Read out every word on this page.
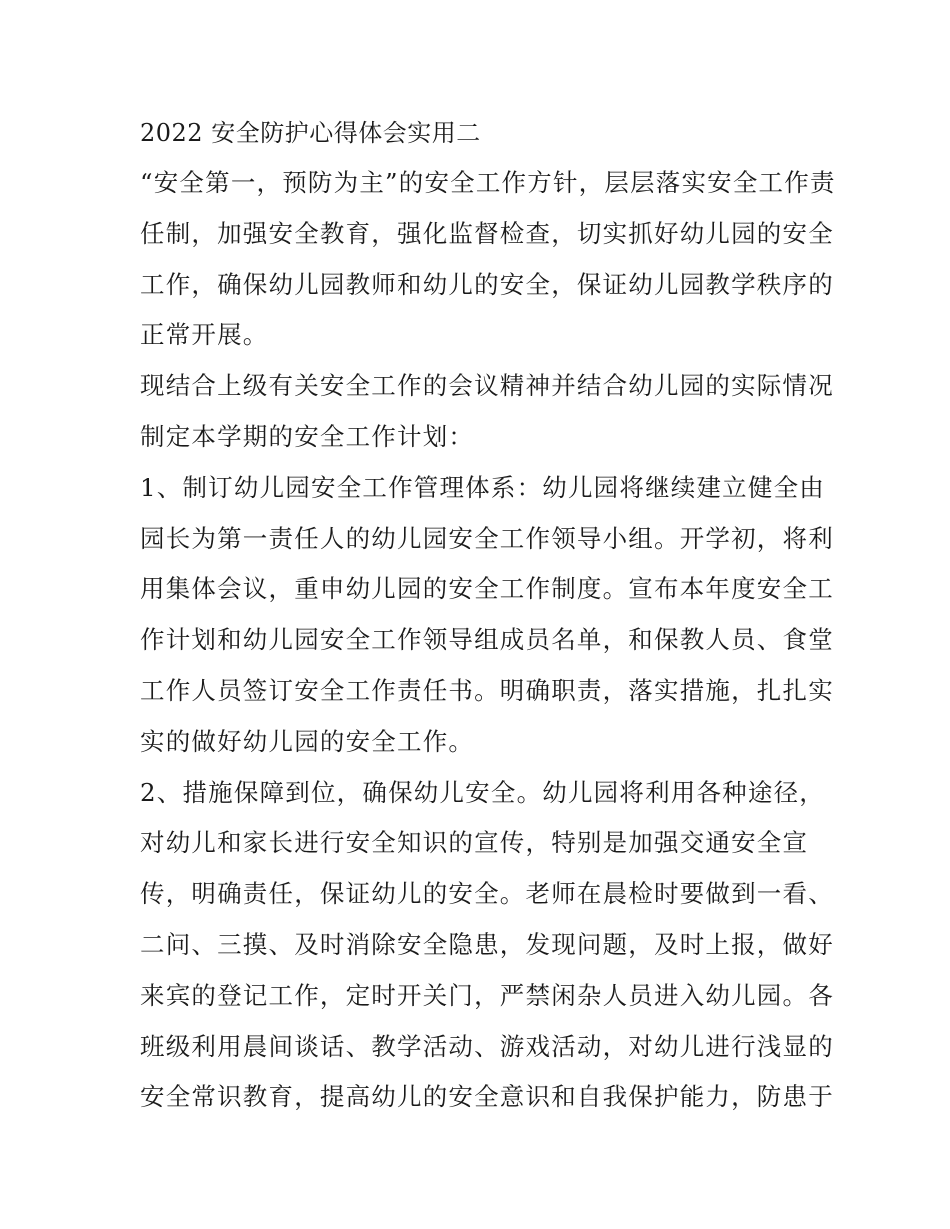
2022 安全防护心得体会实用二

“安全第一，预防为主”的安全工作方针，层层落实安全工作责

任制，加强安全教育，强化监督检查，切实抓好幼儿园的安全

工作，确保幼儿园教师和幼儿的安全，保证幼儿园教学秩序的

正常开展。

现结合上级有关安全工作的会议精神并结合幼儿园的实际情况

制定本学期的安全工作计划：

1、制订幼儿园安全工作管理体系：幼儿园将继续建立健全由

园长为第一责任人的幼儿园安全工作领导小组。开学初，将利

用集体会议，重申幼儿园的安全工作制度。宣布本年度安全工

作计划和幼儿园安全工作领导组成员名单，和保教人员、食堂

工作人员签订安全工作责任书。明确职责，落实措施，扎扎实

实的做好幼儿园的安全工作。

2、措施保障到位，确保幼儿安全。幼儿园将利用各种途径，

对幼儿和家长进行安全知识的宣传，特别是加强交通安全宣

传，明确责任，保证幼儿的安全。老师在晨检时要做到一看、

二问、三摸、及时消除安全隐患，发现问题，及时上报，做好

来宾的登记工作，定时开关门，严禁闲杂人员进入幼儿园。各

班级利用晨间谈话、教学活动、游戏活动，对幼儿进行浅显的

安全常识教育，提高幼儿的安全意识和自我保护能力，防患于
